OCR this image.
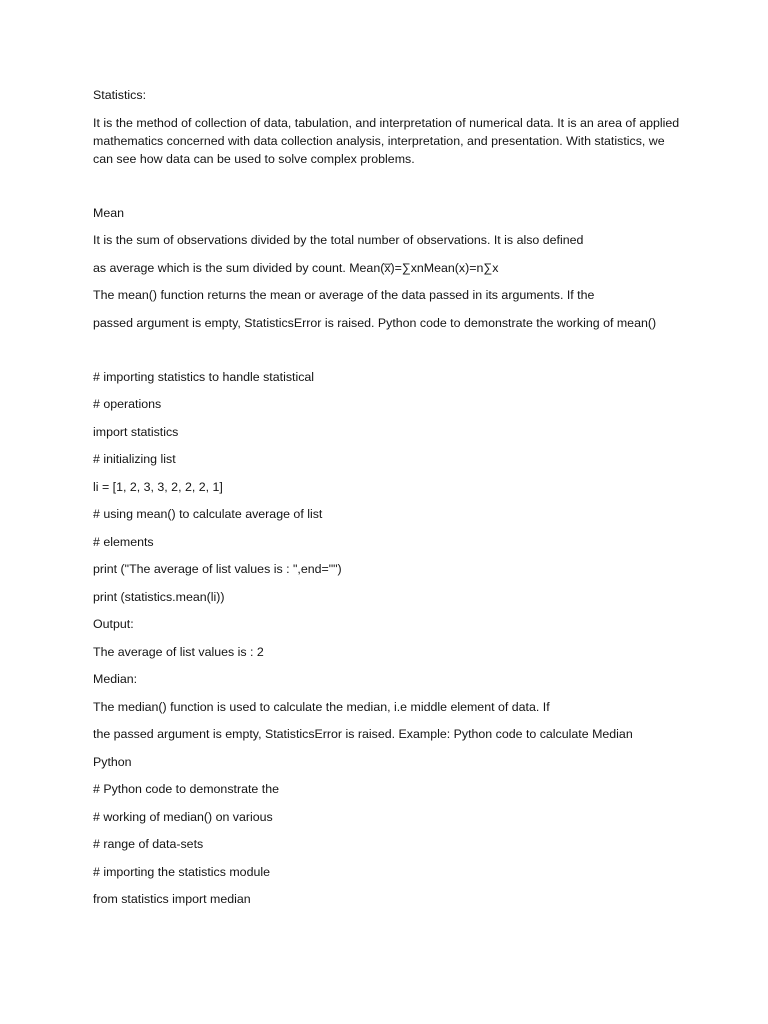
Statistics:

It is the method of collection of data, tabulation, and interpretation of numerical data. It is an area of applied mathematics concerned with data collection analysis, interpretation, and presentation. With statistics, we can see how data can be used to solve complex problems.

Mean

It is the sum of observations divided by the total number of observations. It is also defined

as average which is the sum divided by count. Mean(x̅)=∑xnMean(x)=n∑x

The mean() function returns the mean or average of the data passed in its arguments. If the

passed argument is empty, StatisticsError is raised. Python code to demonstrate the working of mean()

# importing statistics to handle statistical

# operations

import statistics

# initializing list

li = [1, 2, 3, 3, 2, 2, 2, 1]

# using mean() to calculate average of list

# elements

print ("The average of list values is : ",end="")

print (statistics.mean(li))

Output:

The average of list values is : 2

Median:

The median() function is used to calculate the median, i.e middle element of data. If

the passed argument is empty, StatisticsError is raised. Example: Python code to calculate Median

Python

# Python code to demonstrate the

# working of median() on various

# range of data-sets

# importing the statistics module

from statistics import median
